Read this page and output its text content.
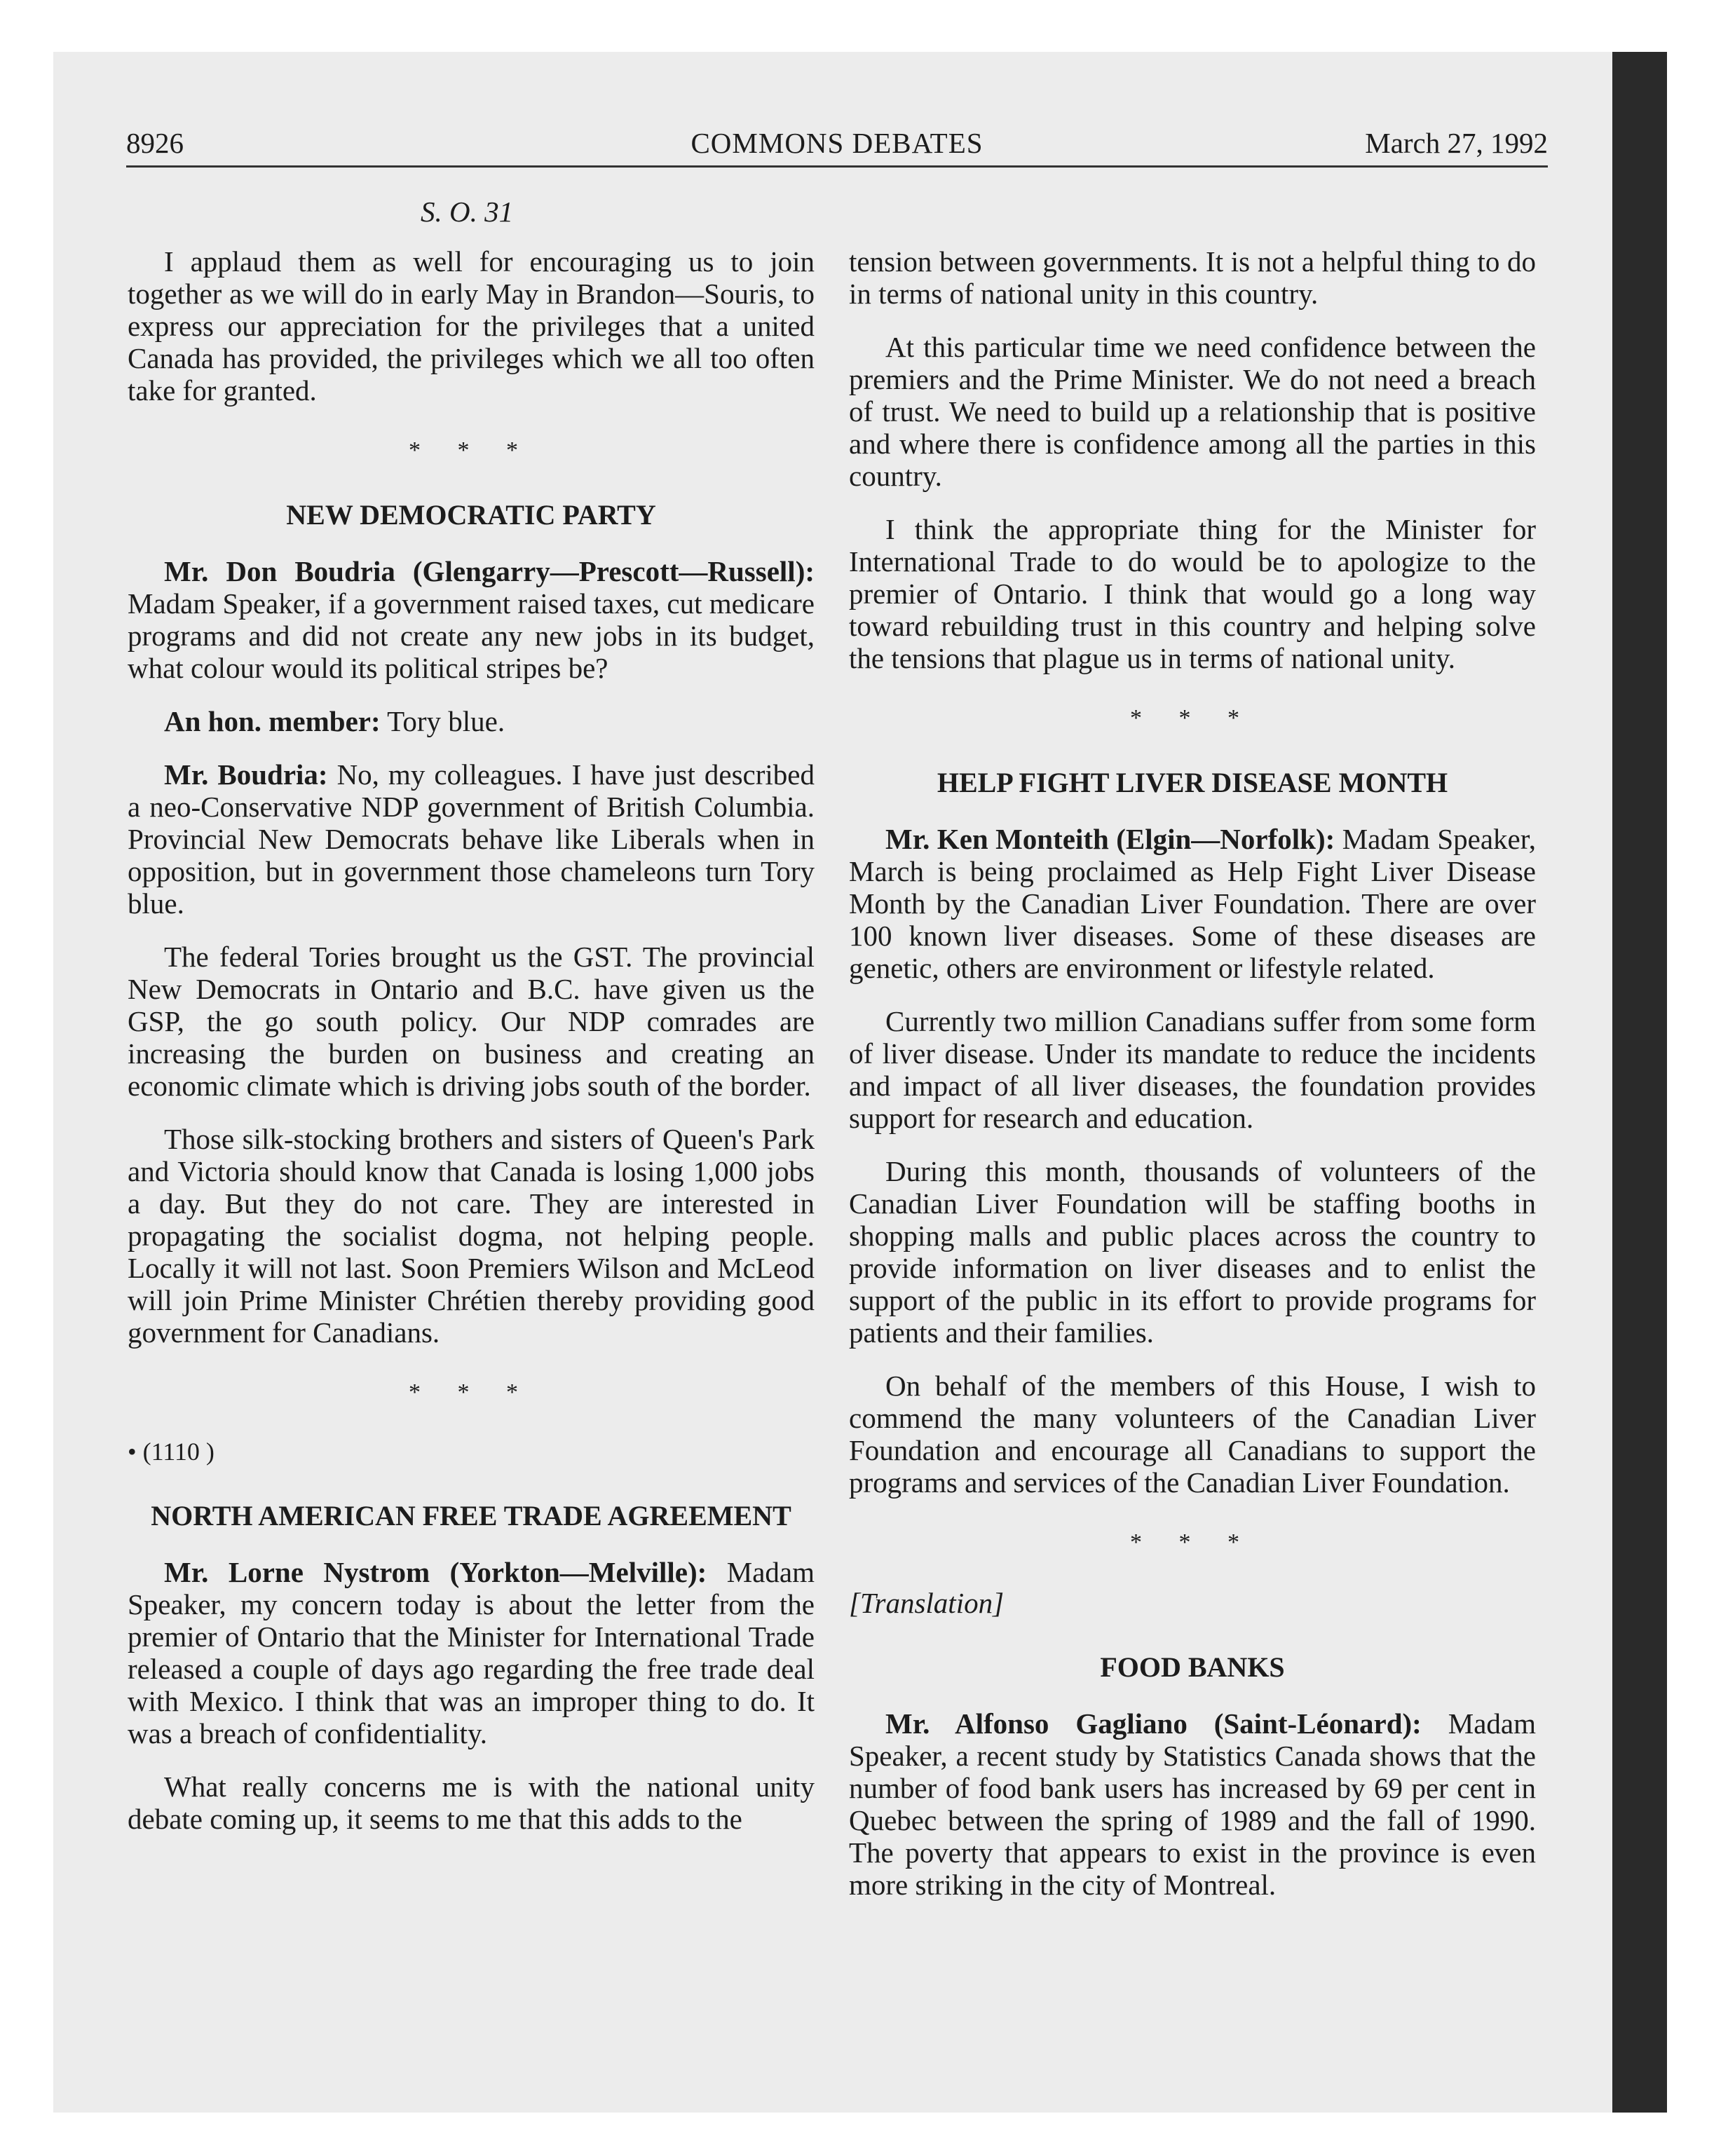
8926	COMMONS DEBATES	March 27, 1992
S. O. 31

I applaud them as well for encouraging us to join together as we will do in early May in Brandon—Souris, to express our appreciation for the privileges that a united Canada has provided, the privileges which we all too often take for granted.

* * *
NEW DEMOCRATIC PARTY

Mr. Don Boudria (Glengarry—Prescott—Russell): Madam Speaker, if a government raised taxes, cut medicare programs and did not create any new jobs in its budget, what colour would its political stripes be?

An hon. member: Tory blue.

Mr. Boudria: No, my colleagues. I have just described a neo-Conservative NDP government of British Columbia. Provincial New Democrats behave like Liberals when in opposition, but in government those chameleons turn Tory blue.

The federal Tories brought us the GST. The provincial New Democrats in Ontario and B.C. have given us the GSP, the go south policy. Our NDP comrades are increasing the burden on business and creating an economic climate which is driving jobs south of the border.

Those silk-stocking brothers and sisters of Queen's Park and Victoria should know that Canada is losing 1,000 jobs a day. But they do not care. They are interested in propagating the socialist dogma, not helping people. Locally it will not last. Soon Premiers Wilson and McLeod will join Prime Minister Chrétien thereby providing good government for Canadians.

* * *
• (1110 )
NORTH AMERICAN FREE TRADE AGREEMENT

Mr. Lorne Nystrom (Yorkton—Melville): Madam Speaker, my concern today is about the letter from the premier of Ontario that the Minister for International Trade released a couple of days ago regarding the free trade deal with Mexico. I think that was an improper thing to do. It was a breach of confidentiality.

What really concerns me is with the national unity debate coming up, it seems to me that this adds to the

tension between governments. It is not a helpful thing to do in terms of national unity in this country.

At this particular time we need confidence between the premiers and the Prime Minister. We do not need a breach of trust. We need to build up a relationship that is positive and where there is confidence among all the parties in this country.

I think the appropriate thing for the Minister for International Trade to do would be to apologize to the premier of Ontario. I think that would go a long way toward rebuilding trust in this country and helping solve the tensions that plague us in terms of national unity.

* * *
HELP FIGHT LIVER DISEASE MONTH

Mr. Ken Monteith (Elgin—Norfolk): Madam Speaker, March is being proclaimed as Help Fight Liver Disease Month by the Canadian Liver Foundation. There are over 100 known liver diseases. Some of these diseases are genetic, others are environment or lifestyle related.

Currently two million Canadians suffer from some form of liver disease. Under its mandate to reduce the incidents and impact of all liver diseases, the foundation provides support for research and education.

During this month, thousands of volunteers of the Canadian Liver Foundation will be staffing booths in shopping malls and public places across the country to provide information on liver diseases and to enlist the support of the public in its effort to provide programs for patients and their families.

On behalf of the members of this House, I wish to commend the many volunteers of the Canadian Liver Foundation and encourage all Canadians to support the programs and services of the Canadian Liver Foundation.

* * *
[Translation]
FOOD BANKS

Mr. Alfonso Gagliano (Saint-Léonard): Madam Speaker, a recent study by Statistics Canada shows that the number of food bank users has increased by 69 per cent in Quebec between the spring of 1989 and the fall of 1990. The poverty that appears to exist in the province is even more striking in the city of Montreal.
